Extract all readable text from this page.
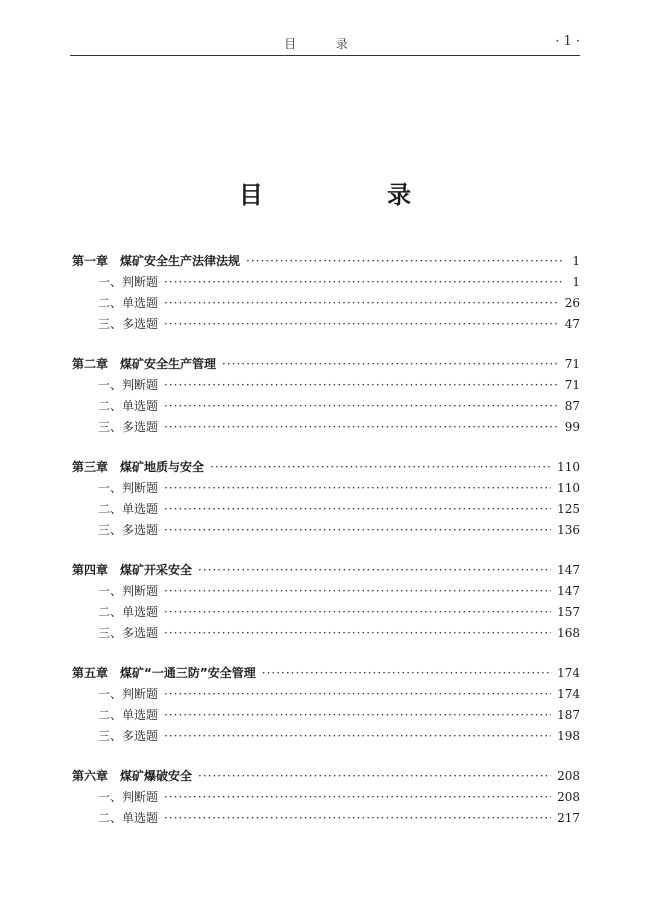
目 录	· 1 ·
目 录
第一章 煤矿安全生产法律法规 ·····	1
一、判断题 ·····	1
二、单选题 ·····	26
三、多选题 ·····	47
第二章 煤矿安全生产管理 ·····	71
一、判断题 ·····	71
二、单选题 ·····	87
三、多选题 ·····	99
第三章 煤矿地质与安全 ·····	110
一、判断题 ·····	110
二、单选题 ·····	125
三、多选题 ·····	136
第四章 煤矿开采安全 ·····	147
一、判断题 ·····	147
二、单选题 ·····	157
三、多选题 ·····	168
第五章 煤矿“一通三防”安全管理 ·····	174
一、判断题 ·····	174
二、单选题 ·····	187
三、多选题 ·····	198
第六章 煤矿爆破安全 ·····	208
一、判断题 ·····	208
二、单选题 ·····	217
